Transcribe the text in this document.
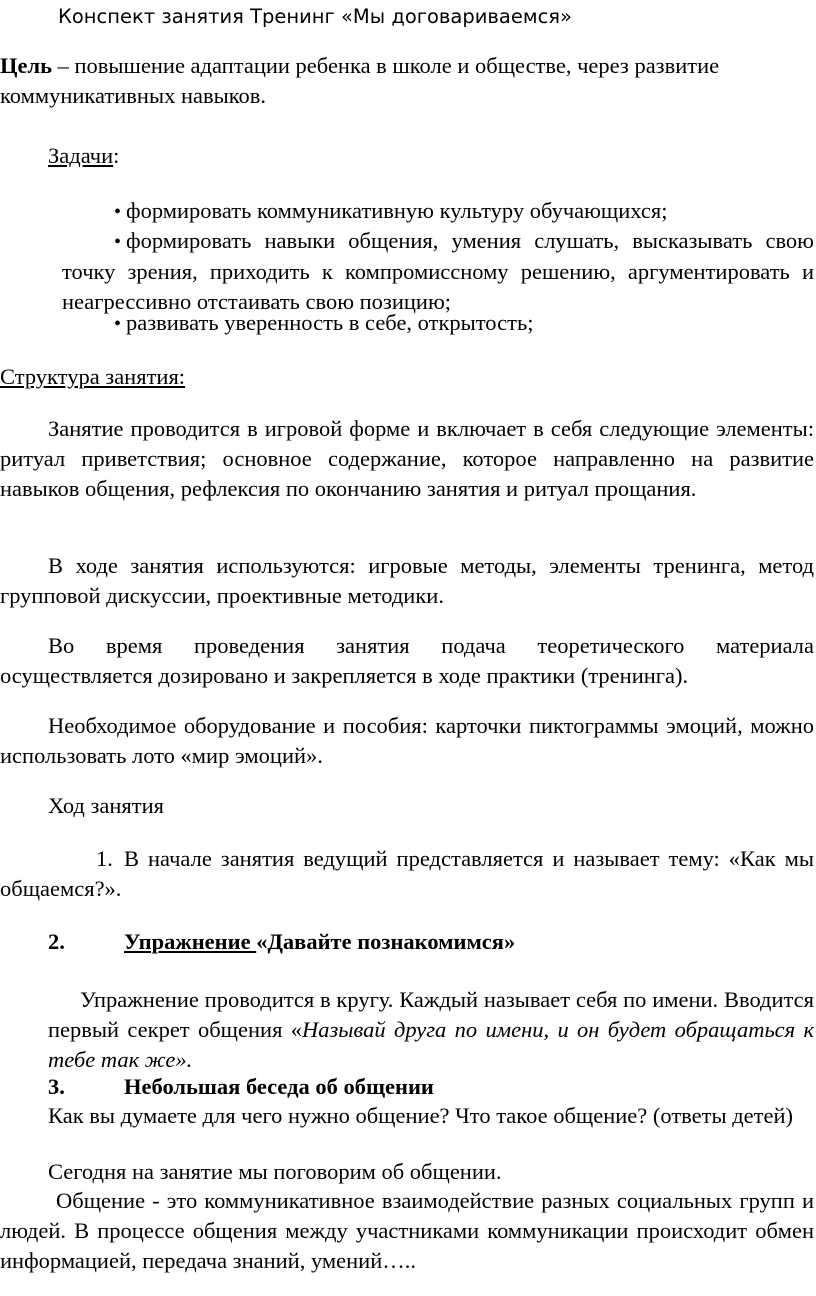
Конспект занятия Тренинг «Мы договариваемся»
Цель – повышение адаптации ребенка в школе и обществе, через развитие коммуникативных навыков.
Задачи:
• формировать коммуникативную культуру обучающихся;
• формировать навыки общения, умения слушать, высказывать свою точку зрения, приходить к компромиссному решению, аргументировать и неагрессивно отстаивать свою позицию;
• развивать уверенность в себе, открытость;
Структура занятия:
Занятие проводится в игровой форме и включает в себя следующие элементы: ритуал приветствия; основное содержание, которое направленно на развитие навыков общения, рефлексия по окончанию занятия и ритуал прощания.
В ходе занятия используются: игровые методы, элементы тренинга, метод групповой дискуссии, проективные методики.
Во время проведения занятия подача теоретического материала осуществляется дозировано и закрепляется в ходе практики (тренинга).
Необходимое оборудование и пособия: карточки пиктограммы эмоций, можно использовать лото «мир эмоций».
Ход занятия
1. В начале занятия ведущий представляется и называет тему: «Как мы общаемся?».
2.	Упражнение «Давайте познакомимся»
Упражнение проводится в кругу. Каждый называет себя по имени. Вводится первый секрет общения «Называй друга по имени, и он будет обращаться к тебе так же».
3.	Небольшая беседа об общении
Как вы думаете для чего нужно общение? Что такое общение? (ответы детей)
Сегодня на занятие мы поговорим об общении.
Общение - это коммуникативное взаимодействие разных социальных групп и людей. В процессе общения между участниками коммуникации происходит обмен информацией, передача знаний, умений…..
